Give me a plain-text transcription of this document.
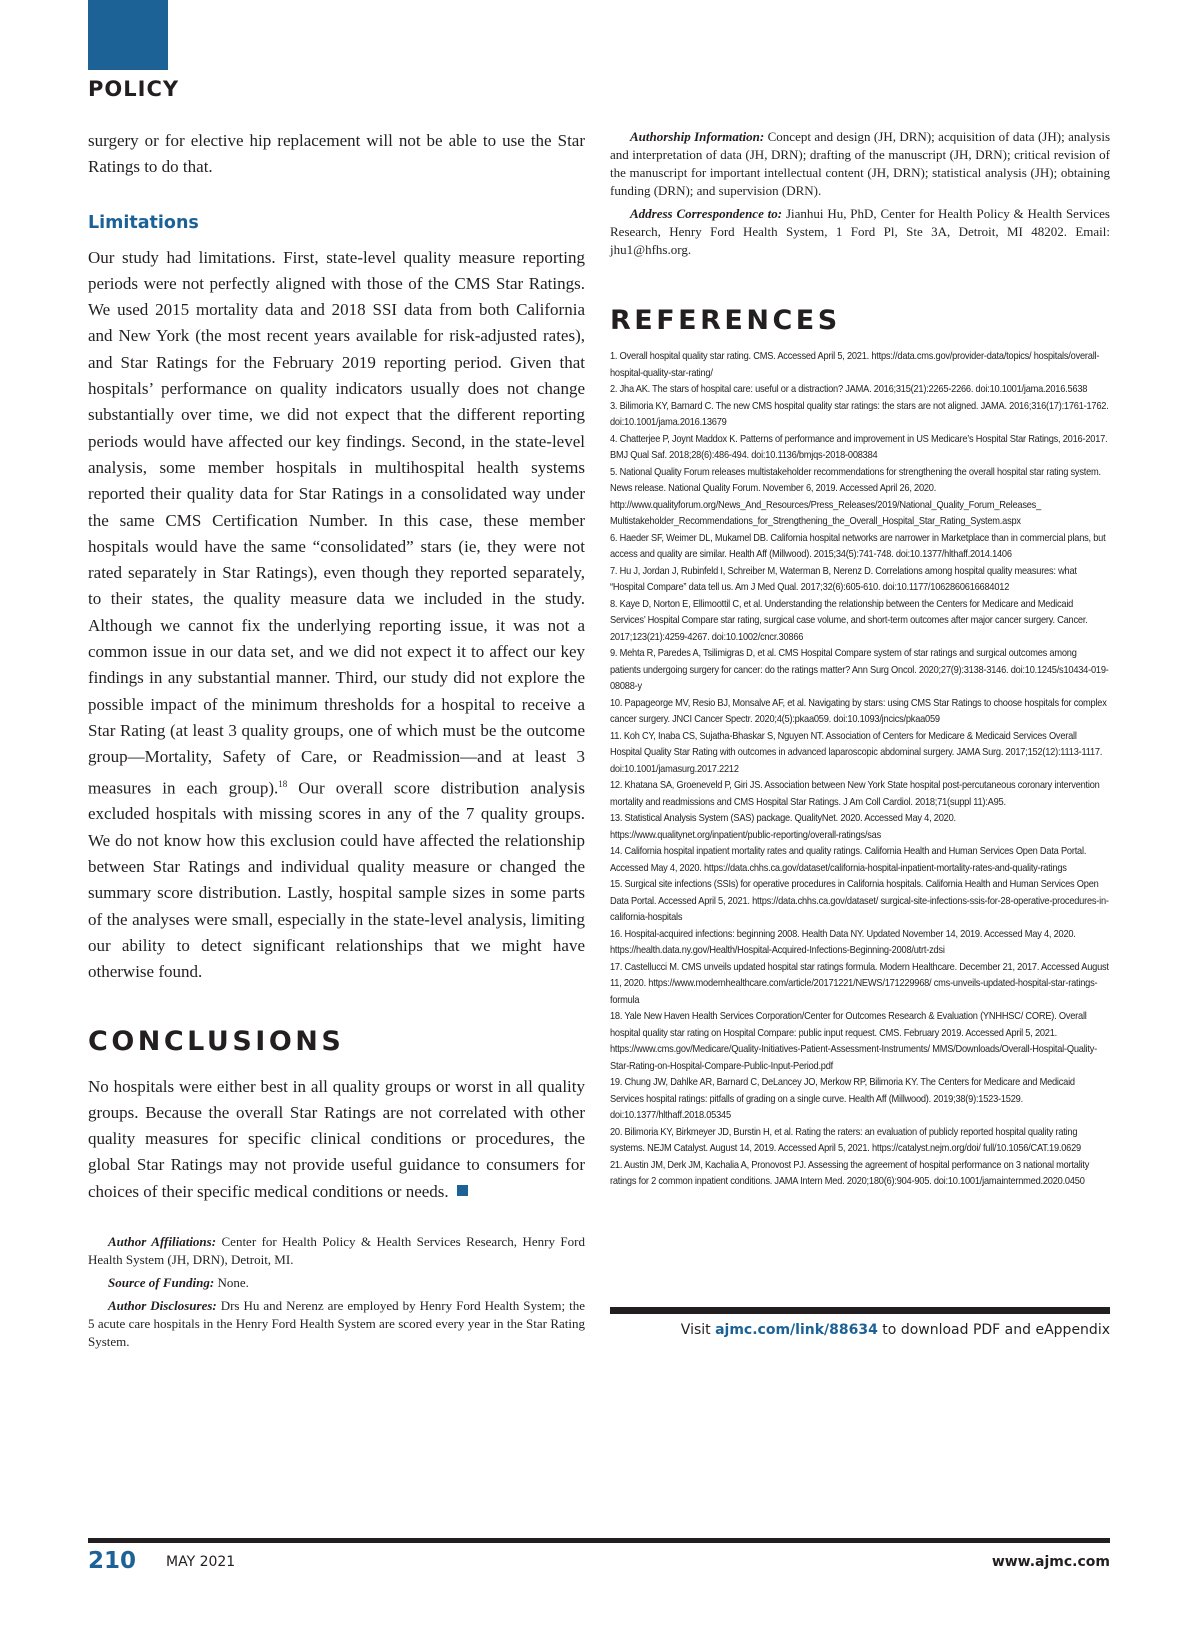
POLICY

surgery or for elective hip replacement will not be able to use the Star Ratings to do that.

Limitations

Our study had limitations. First, state-level quality measure reporting periods were not perfectly aligned with those of the CMS Star Ratings. We used 2015 mortality data and 2018 SSI data from both California and New York (the most recent years available for risk-adjusted rates), and Star Ratings for the February 2019 reporting period. Given that hospitals’ performance on quality indicators usually does not change substantially over time, we did not expect that the different reporting periods would have affected our key findings. Second, in the state-level analysis, some member hospitals in multihospital health systems reported their quality data for Star Ratings in a consolidated way under the same CMS Certification Number. In this case, these member hospitals would have the same “consolidated” stars (ie, they were not rated separately in Star Ratings), even though they reported separately, to their states, the quality measure data we included in the study. Although we cannot fix the underlying reporting issue, it was not a common issue in our data set, and we did not expect it to affect our key findings in any substantial manner. Third, our study did not explore the possible impact of the minimum thresholds for a hospital to receive a Star Rating (at least 3 quality groups, one of which must be the outcome group—Mortality, Safety of Care, or Readmission—and at least 3 measures in each group).$^{18}$ Our overall score distribution analysis excluded hospitals with missing scores in any of the 7 quality groups. We do not know how this exclusion could have affected the relationship between Star Ratings and individual quality measure or changed the summary score distribution. Lastly, hospital sample sizes in some parts of the analyses were small, especially in the state-level analysis, limiting our ability to detect significant relationships that we might have otherwise found.

CONCLUSIONS

No hospitals were either best in all quality groups or worst in all quality groups. Because the overall Star Ratings are not correlated with other quality measures for specific clinical conditions or procedures, the global Star Ratings may not provide useful guidance to consumers for choices of their specific medical conditions or needs.

Author Affiliations: Center for Health Policy & Health Services Research, Henry Ford Health System (JH, DRN), Detroit, MI.

Source of Funding: None.

Author Disclosures: Drs Hu and Nerenz are employed by Henry Ford Health System; the 5 acute care hospitals in the Henry Ford Health System are scored every year in the Star Rating System.

Authorship Information: Concept and design (JH, DRN); acquisition of data (JH); analysis and interpretation of data (JH, DRN); drafting of the manuscript (JH, DRN); critical revision of the manuscript for important intellectual content (JH, DRN); statistical analysis (JH); obtaining funding (DRN); and supervision (DRN).

Address Correspondence to: Jianhui Hu, PhD, Center for Health Policy & Health Services Research, Henry Ford Health System, 1 Ford Pl, Ste 3A, Detroit, MI 48202. Email: jhu1@hfhs.org.

REFERENCES
1. Overall hospital quality star rating. CMS. Accessed April 5, 2021. https://data.cms.gov/provider-data/topics/ hospitals/overall-hospital-quality-star-rating/
2. Jha AK. The stars of hospital care: useful or a distraction? JAMA. 2016;315(21):2265-2266. doi:10.1001/jama.2016.5638
3. Bilimoria KY, Barnard C. The new CMS hospital quality star ratings: the stars are not aligned. JAMA. 2016;316(17):1761-1762. doi:10.1001/jama.2016.13679
4. Chatterjee P, Joynt Maddox K. Patterns of performance and improvement in US Medicare’s Hospital Star Ratings, 2016-2017. BMJ Qual Saf. 2018;28(6):486-494. doi:10.1136/bmjqs-2018-008384
5. National Quality Forum releases multistakeholder recommendations for strengthening the overall hospital star rating system. News release. National Quality Forum. November 6, 2019. Accessed April 26, 2020. http://www.qualityforum.org/News_And_Resources/Press_Releases/2019/National_Quality_Forum_Releases_ Multistakeholder_Recommendations_for_Strengthening_the_Overall_Hospital_Star_Rating_System.aspx
6. Haeder SF, Weimer DL, Mukamel DB. California hospital networks are narrower in Marketplace than in commercial plans, but access and quality are similar. Health Aff (Millwood). 2015;34(5):741-748. doi:10.1377/hlthaff.2014.1406
7. Hu J, Jordan J, Rubinfeld I, Schreiber M, Waterman B, Nerenz D. Correlations among hospital quality measures: what “Hospital Compare” data tell us. Am J Med Qual. 2017;32(6):605-610. doi:10.1177/1062860616684012
8. Kaye D, Norton E, Ellimoottil C, et al. Understanding the relationship between the Centers for Medicare and Medicaid Services’ Hospital Compare star rating, surgical case volume, and short-term outcomes after major cancer surgery. Cancer. 2017;123(21):4259-4267. doi:10.1002/cncr.30866
9. Mehta R, Paredes A, Tsilimigras D, et al. CMS Hospital Compare system of star ratings and surgical outcomes among patients undergoing surgery for cancer: do the ratings matter? Ann Surg Oncol. 2020;27(9):3138-3146. doi:10.1245/s10434-019-08088-y
10. Papageorge MV, Resio BJ, Monsalve AF, et al. Navigating by stars: using CMS Star Ratings to choose hospitals for complex cancer surgery. JNCI Cancer Spectr. 2020;4(5):pkaa059. doi:10.1093/jncics/pkaa059
11. Koh CY, Inaba CS, Sujatha-Bhaskar S, Nguyen NT. Association of Centers for Medicare & Medicaid Services Overall Hospital Quality Star Rating with outcomes in advanced laparoscopic abdominal surgery. JAMA Surg. 2017;152(12):1113-1117. doi:10.1001/jamasurg.2017.2212
12. Khatana SA, Groeneveld P, Giri JS. Association between New York State hospital post-percutaneous coronary intervention mortality and readmissions and CMS Hospital Star Ratings. J Am Coll Cardiol. 2018;71(suppl 11):A95.
13. Statistical Analysis System (SAS) package. QualityNet. 2020. Accessed May 4, 2020. https://www.qualitynet.org/inpatient/public-reporting/overall-ratings/sas
14. California hospital inpatient mortality rates and quality ratings. California Health and Human Services Open Data Portal. Accessed May 4, 2020. https://data.chhs.ca.gov/dataset/california-hospital-inpatient-mortality-rates-and-quality-ratings
15. Surgical site infections (SSIs) for operative procedures in California hospitals. California Health and Human Services Open Data Portal. Accessed April 5, 2021. https://data.chhs.ca.gov/dataset/ surgical-site-infections-ssis-for-28-operative-procedures-in-california-hospitals
16. Hospital-acquired infections: beginning 2008. Health Data NY. Updated November 14, 2019. Accessed May 4, 2020. https://health.data.ny.gov/Health/Hospital-Acquired-Infections-Beginning-2008/utrt-zdsi
17. Castellucci M. CMS unveils updated hospital star ratings formula. Modern Healthcare. December 21, 2017. Accessed August 11, 2020. https://www.modernhealthcare.com/article/20171221/NEWS/171229968/ cms-unveils-updated-hospital-star-ratings-formula
18. Yale New Haven Health Services Corporation/Center for Outcomes Research & Evaluation (YNHHSC/ CORE). Overall hospital quality star rating on Hospital Compare: public input request. CMS. February 2019. Accessed April 5, 2021. https://www.cms.gov/Medicare/Quality-Initiatives-Patient-Assessment-Instruments/ MMS/Downloads/Overall-Hospital-Quality-Star-Rating-on-Hospital-Compare-Public-Input-Period.pdf
19. Chung JW, Dahlke AR, Barnard C, DeLancey JO, Merkow RP, Bilimoria KY. The Centers for Medicare and Medicaid Services hospital ratings: pitfalls of grading on a single curve. Health Aff (Millwood). 2019;38(9):1523-1529. doi:10.1377/hlthaff.2018.05345
20. Bilimoria KY, Birkmeyer JD, Burstin H, et al. Rating the raters: an evaluation of publicly reported hospital quality rating systems. NEJM Catalyst. August 14, 2019. Accessed April 5, 2021. https://catalyst.nejm.org/doi/ full/10.1056/CAT.19.0629
21. Austin JM, Derk JM, Kachalia A, Pronovost PJ. Assessing the agreement of hospital performance on 3 national mortality ratings for 2 common inpatient conditions. JAMA Intern Med. 2020;180(6):904-905. doi:10.1001/jamainternmed.2020.0450
Visit ajmc.com/link/88634 to download PDF and eAppendix
210 MAY 2021	www.ajmc.com
